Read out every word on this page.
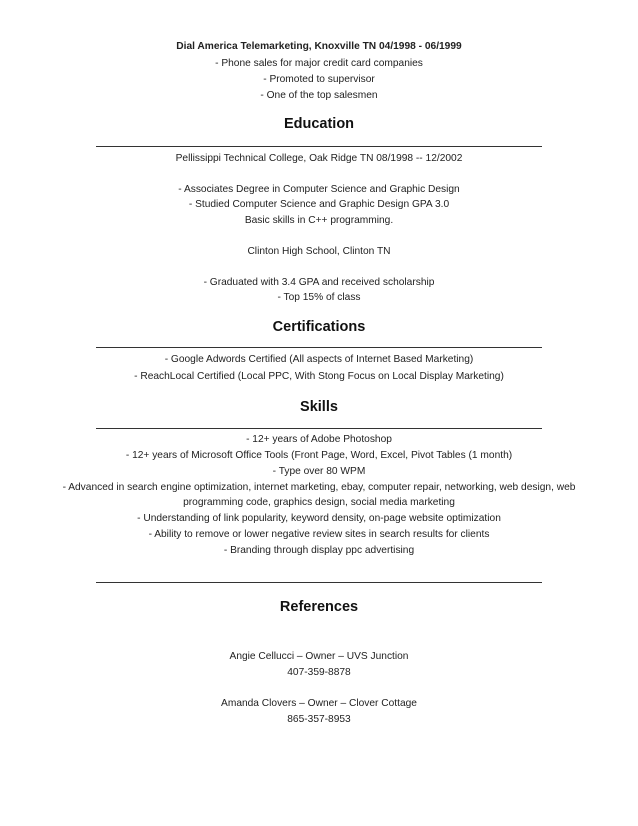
Dial America Telemarketing, Knoxville TN 04/1998 - 06/1999
- Phone sales for major credit card companies
- Promoted to supervisor
- One of the top salesmen
Education
Pellissippi Technical College, Oak Ridge TN 08/1998 -- 12/2002
- Associates Degree in Computer Science and Graphic Design
- Studied Computer Science and Graphic Design GPA 3.0
Basic skills in C++ programming.
Clinton High School, Clinton TN
- Graduated with 3.4 GPA and received scholarship
- Top 15% of class
Certifications
- Google Adwords Certified (All aspects of Internet Based Marketing)
- ReachLocal Certified (Local PPC, With Stong Focus on Local Display Marketing)
Skills
- 12+ years of Adobe Photoshop
- 12+ years of Microsoft Office Tools (Front Page, Word, Excel, Pivot Tables (1 month)
- Type over 80 WPM
- Advanced in search engine optimization, internet marketing, ebay, computer repair, networking, web design, web
programming code, graphics design, social media marketing
- Understanding of link popularity, keyword density, on-page website optimization
- Ability to remove or lower negative review sites in search results for clients
- Branding through display ppc advertising
References
Angie Cellucci – Owner – UVS Junction
407-359-8878
Amanda Clovers – Owner – Clover Cottage
865-357-8953
